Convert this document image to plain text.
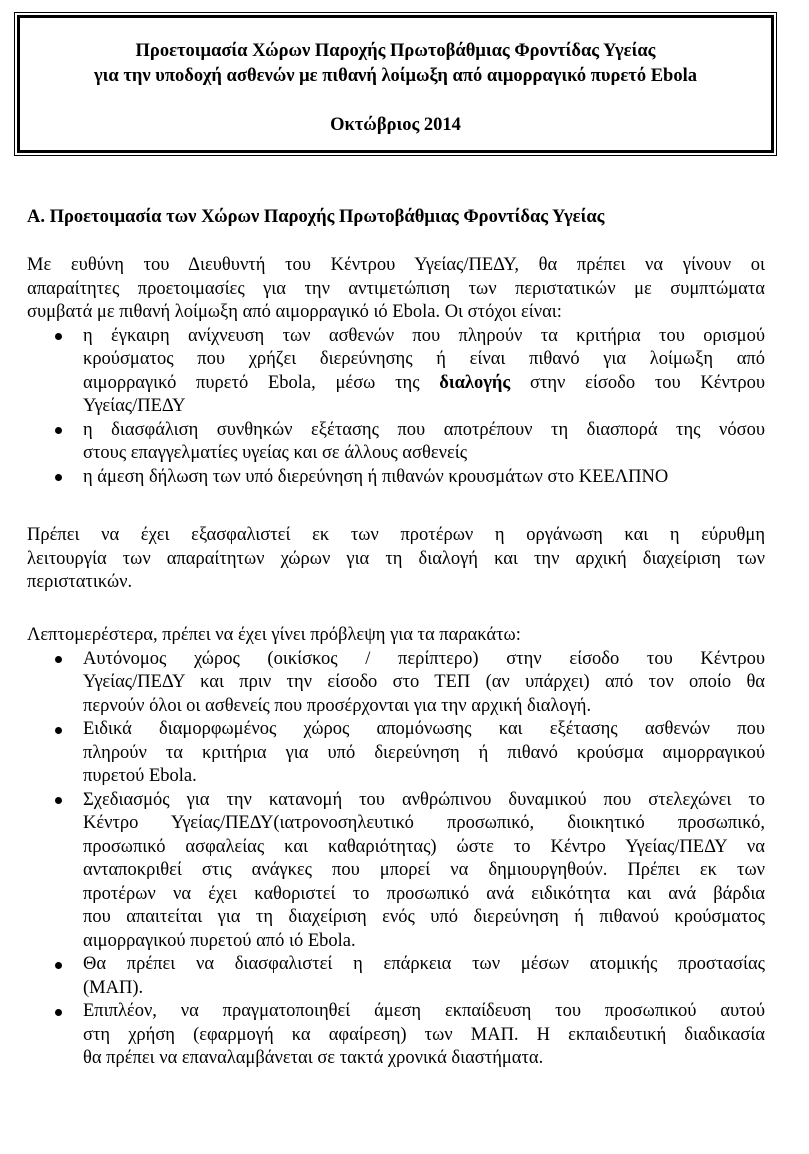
Προετοιμασία Χώρων Παροχής Πρωτοβάθμιας Φροντίδας Υγείας
για την υποδοχή ασθενών με πιθανή λοίμωξη από αιμορραγικό πυρετό Ebola
Οκτώβριος 2014
Α. Προετοιμασία των Χώρων Παροχής Πρωτοβάθμιας Φροντίδας Υγείας

Με ευθύνη του Διευθυντή του Κέντρου Υγείας/ΠΕΔΥ, θα πρέπει να γίνουν οι
απαραίτητες προετοιμασίες για την αντιμετώπιση των περιστατικών με συμπτώματα
συμβατά με πιθανή λοίμωξη από αιμορραγικό ιό Ebola. Οι στόχοι είναι:

η έγκαιρη ανίχνευση των ασθενών που πληρούν τα κριτήρια του ορισμού
κρούσματος που χρήζει διερεύνησης ή είναι πιθανό για λοίμωξη από
αιμορραγικό πυρετό Ebola, μέσω της διαλογής στην είσοδο του Κέντρου
Υγείας/ΠΕΔΥ
η διασφάλιση συνθηκών εξέτασης που αποτρέπουν τη διασπορά της νόσου
στους επαγγελματίες υγείας και σε άλλους ασθενείς
η άμεση δήλωση των υπό διερεύνηση ή πιθανών κρουσμάτων στο ΚΕΕΛΠΝΟ

Πρέπει να έχει εξασφαλιστεί εκ των προτέρων η οργάνωση και η εύρυθμη
λειτουργία των απαραίτητων χώρων για τη διαλογή και την αρχική διαχείριση των
περιστατικών.

Λεπτομερέστερα, πρέπει να έχει γίνει πρόβλεψη για τα παρακάτω:

Αυτόνομος χώρος (οικίσκος / περίπτερο) στην είσοδο του Κέντρου
Υγείας/ΠΕΔΥ και πριν την είσοδο στο ΤΕΠ (αν υπάρχει) από τον οποίο θα
περνούν όλοι οι ασθενείς που προσέρχονται για την αρχική διαλογή.
Ειδικά διαμορφωμένος χώρος απομόνωσης και εξέτασης ασθενών που
πληρούν τα κριτήρια για υπό διερεύνηση ή πιθανό κρούσμα αιμορραγικού
πυρετού Ebola.
Σχεδιασμός για την κατανομή του ανθρώπινου δυναμικού που στελεχώνει το
Κέντρο Υγείας/ΠΕΔΥ(ιατρονοσηλευτικό προσωπικό, διοικητικό προσωπικό,
προσωπικό ασφαλείας και καθαριότητας) ώστε το Κέντρο Υγείας/ΠΕΔΥ να
ανταποκριθεί στις ανάγκες που μπορεί να δημιουργηθούν. Πρέπει εκ των
προτέρων να έχει καθοριστεί το προσωπικό ανά ειδικότητα και ανά βάρδια
που απαιτείται για τη διαχείριση ενός υπό διερεύνηση ή πιθανού κρούσματος
αιμορραγικού πυρετού από ιό Ebola.
Θα πρέπει να διασφαλιστεί η επάρκεια των μέσων ατομικής προστασίας
(ΜΑΠ).
Επιπλέον, να πραγματοποιηθεί άμεση εκπαίδευση του προσωπικού αυτού
στη χρήση (εφαρμογή κα αφαίρεση) των ΜΑΠ. Η εκπαιδευτική διαδικασία
θα πρέπει να επαναλαμβάνεται σε τακτά χρονικά διαστήματα.
